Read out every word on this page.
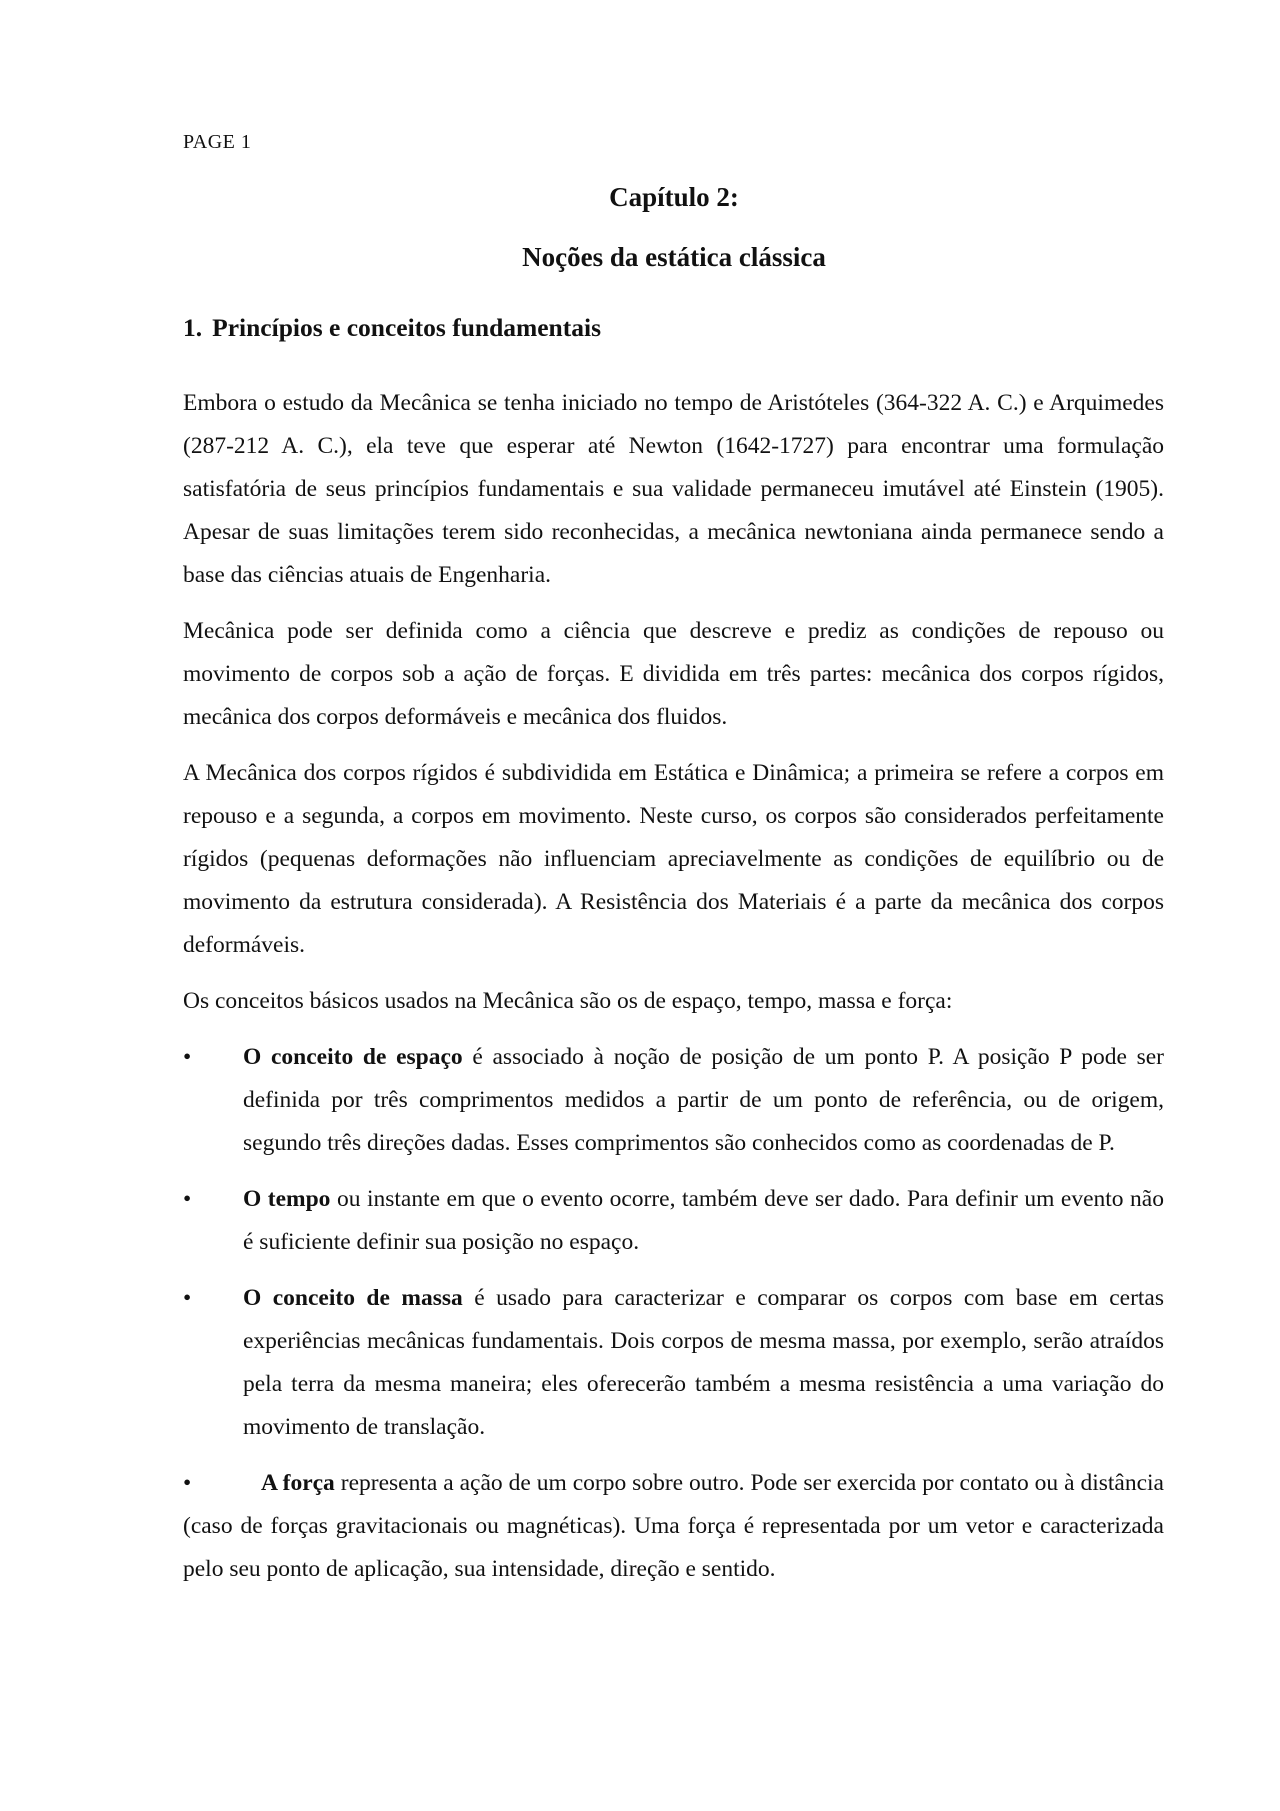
PAGE 1
Capítulo 2:
Noções da estática clássica
1. Princípios e conceitos fundamentais

Embora o estudo da Mecânica se tenha iniciado no tempo de Aristóteles (364-322 A. C.) e Arquimedes (287-212 A. C.), ela teve que esperar até Newton (1642-1727) para encontrar uma formulação satisfatória de seus princípios fundamentais e sua validade permaneceu imutável até Einstein (1905). Apesar de suas limitações terem sido reconhecidas, a mecânica newtoniana ainda permanece sendo a base das ciências atuais de Engenharia.

Mecânica pode ser definida como a ciência que descreve e prediz as condições de repouso ou movimento de corpos sob a ação de forças. E dividida em três partes: mecânica dos corpos rígidos, mecânica dos corpos deformáveis e mecânica dos fluidos.

A Mecânica dos corpos rígidos é subdividida em Estática e Dinâmica; a primeira se refere a corpos em repouso e a segunda, a corpos em movimento. Neste curso, os corpos são considerados perfeitamente rígidos (pequenas deformações não influenciam apreciavelmente as condições de equilíbrio ou de movimento da estrutura considerada). A Resistência dos Materiais é a parte da mecânica dos corpos deformáveis.

Os conceitos básicos usados na Mecânica são os de espaço, tempo, massa e força:

• O conceito de espaço é associado à noção de posição de um ponto P. A posição P pode ser definida por três comprimentos medidos a partir de um ponto de referência, ou de origem, segundo três direções dadas. Esses comprimentos são conhecidos como as coordenadas de P.
• O tempo ou instante em que o evento ocorre, também deve ser dado. Para definir um evento não é suficiente definir sua posição no espaço.
• O conceito de massa é usado para caracterizar e comparar os corpos com base em certas experiências mecânicas fundamentais. Dois corpos de mesma massa, por exemplo, serão atraídos pela terra da mesma maneira; eles oferecerão também a mesma resistência a uma variação do movimento de translação.
•	A força representa a ação de um corpo sobre outro. Pode ser exercida por contato ou à distância (caso de forças gravitacionais ou magnéticas). Uma força é representada por um vetor e caracterizada pelo seu ponto de aplicação, sua intensidade, direção e sentido.
